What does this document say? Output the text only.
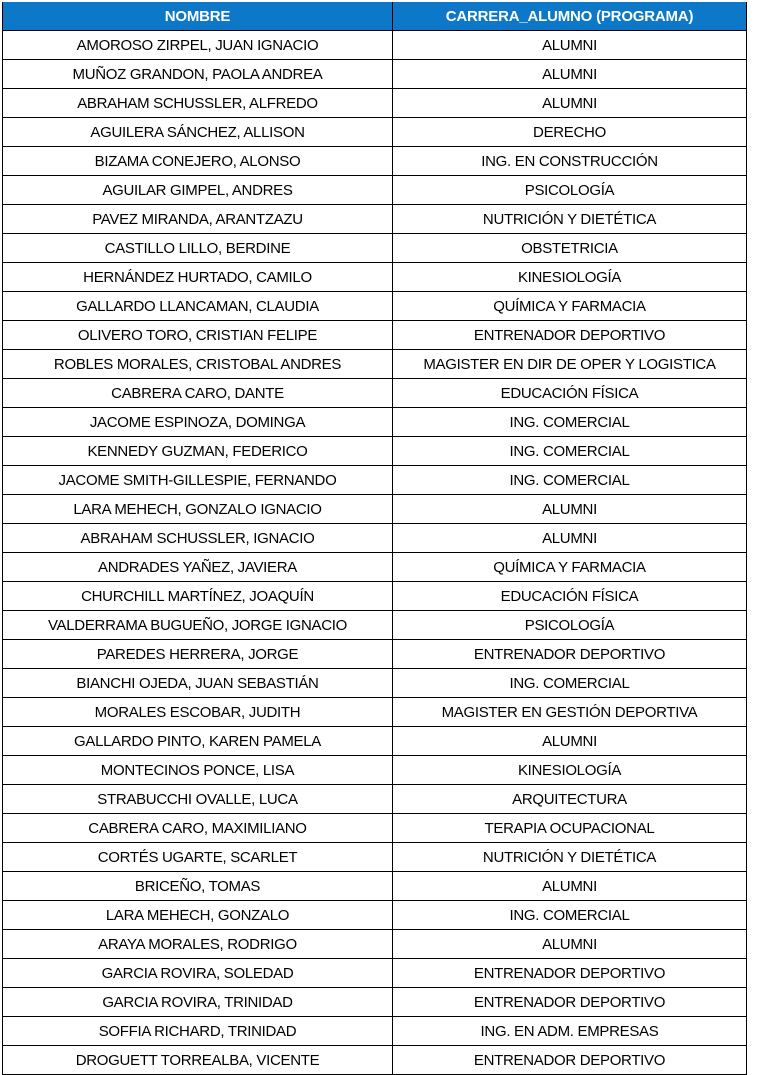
NOMBRE	CARRERA_ALUMNO (PROGRAMA)
AMOROSO ZIRPEL, JUAN IGNACIO	ALUMNI
MUÑOZ GRANDON, PAOLA ANDREA	ALUMNI
ABRAHAM SCHUSSLER, ALFREDO	ALUMNI
AGUILERA SÁNCHEZ, ALLISON	DERECHO
BIZAMA CONEJERO, ALONSO	ING. EN CONSTRUCCIÓN
AGUILAR GIMPEL, ANDRES	PSICOLOGÍA
PAVEZ MIRANDA, ARANTZAZU	NUTRICIÓN Y DIETÉTICA
CASTILLO LILLO, BERDINE	OBSTETRICIA
HERNÁNDEZ HURTADO, CAMILO	KINESIOLOGÍA
GALLARDO LLANCAMAN, CLAUDIA	QUÍMICA Y FARMACIA
OLIVERO TORO, CRISTIAN FELIPE	ENTRENADOR DEPORTIVO
ROBLES MORALES, CRISTOBAL ANDRES	MAGISTER EN DIR DE OPER Y LOGISTICA
CABRERA CARO, DANTE	EDUCACIÓN FÍSICA
JACOME ESPINOZA, DOMINGA	ING. COMERCIAL
KENNEDY GUZMAN, FEDERICO	ING. COMERCIAL
JACOME SMITH-GILLESPIE, FERNANDO	ING. COMERCIAL
LARA MEHECH, GONZALO IGNACIO	ALUMNI
ABRAHAM SCHUSSLER, IGNACIO	ALUMNI
ANDRADES YAÑEZ, JAVIERA	QUÍMICA Y FARMACIA
CHURCHILL MARTÍNEZ, JOAQUÍN	EDUCACIÓN FÍSICA
VALDERRAMA BUGUEÑO, JORGE IGNACIO	PSICOLOGÍA
PAREDES HERRERA, JORGE	ENTRENADOR DEPORTIVO
BIANCHI OJEDA, JUAN SEBASTIÁN	ING. COMERCIAL
MORALES ESCOBAR, JUDITH	MAGISTER EN GESTIÓN DEPORTIVA
GALLARDO PINTO, KAREN PAMELA	ALUMNI
MONTECINOS PONCE, LISA	KINESIOLOGÍA
STRABUCCHI OVALLE, LUCA	ARQUITECTURA
CABRERA CARO, MAXIMILIANO	TERAPIA OCUPACIONAL
CORTÉS UGARTE, SCARLET	NUTRICIÓN Y DIETÉTICA
BRICEÑO, TOMAS	ALUMNI
LARA MEHECH, GONZALO	ING. COMERCIAL
ARAYA MORALES, RODRIGO	ALUMNI
GARCIA ROVIRA, SOLEDAD	ENTRENADOR DEPORTIVO
GARCIA ROVIRA, TRINIDAD	ENTRENADOR DEPORTIVO
SOFFIA RICHARD, TRINIDAD	ING. EN ADM. EMPRESAS
DROGUETT TORREALBA, VICENTE	ENTRENADOR DEPORTIVO
